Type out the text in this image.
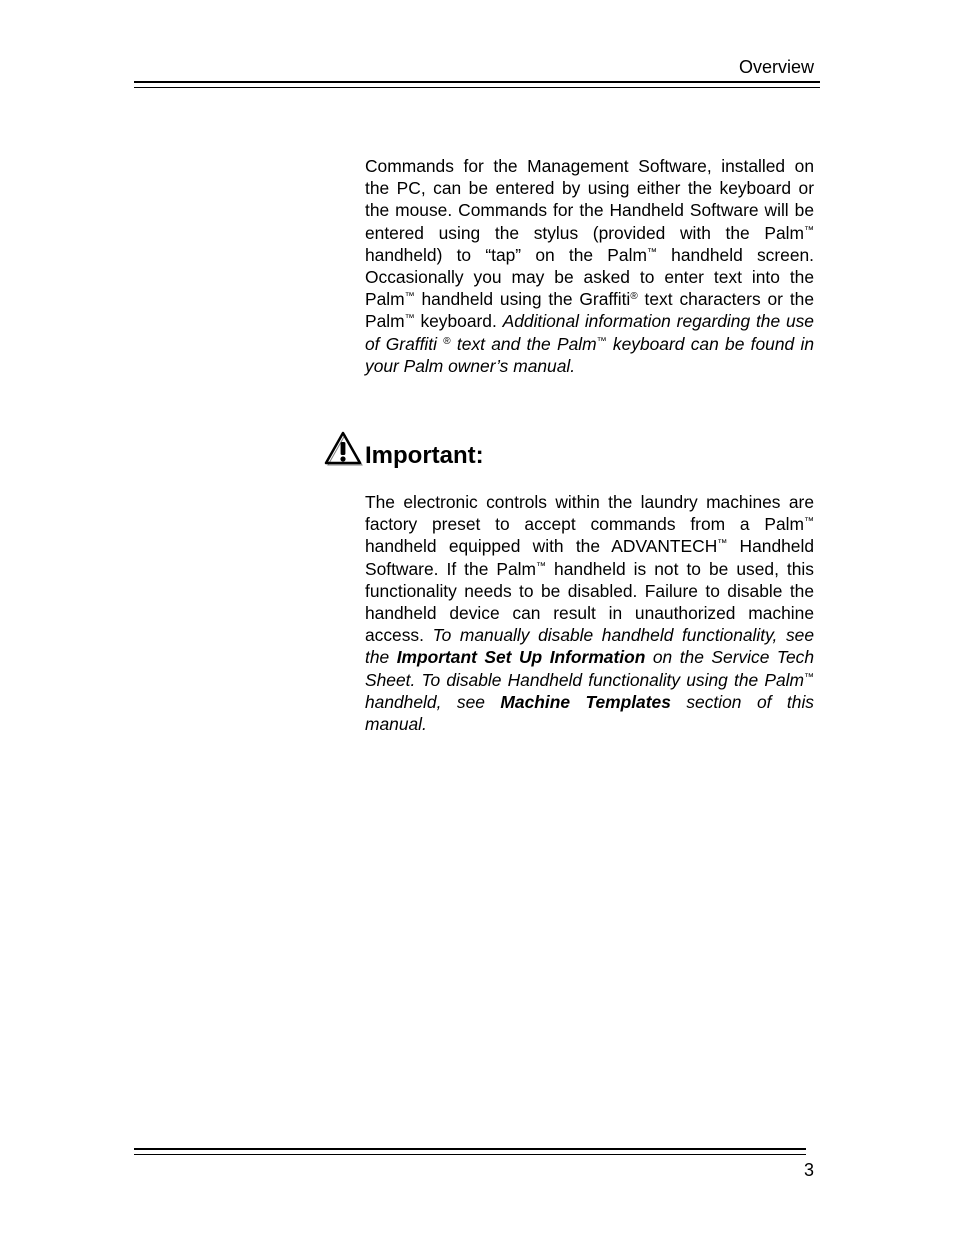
Overview

Commands for the Management Software, installed on the PC, can be entered by using either the keyboard or the mouse. Commands for the Handheld Software will be entered using the stylus (provided with the Palm™ handheld) to “tap” on the Palm™ handheld screen. Occasionally you may be asked to enter text into the Palm™ handheld using the Graffiti® text characters or the Palm™ keyboard. Additional information regarding the use of Graffiti ® text and the Palm™ keyboard can be found in your Palm owner’s manual.

Important:

The electronic controls within the laundry machines are factory preset to accept commands from a Palm™ handheld equipped with the ADVANTECH™ Handheld Software. If the Palm™ handheld is not to be used, this functionality needs to be disabled. Failure to disable the handheld device can result in unauthorized machine access. To manually disable handheld functionality, see the Important Set Up Information on the Service Tech Sheet. To disable Handheld functionality using the Palm™ handheld, see Machine Templates section of this manual.

3
